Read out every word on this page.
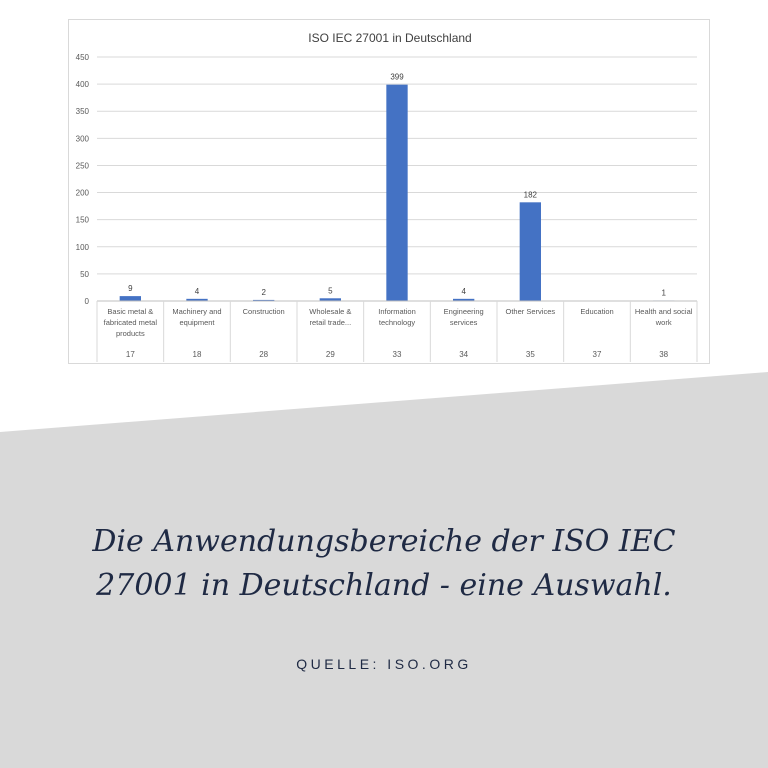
ISO IEC 27001 in Deutschland
0
50
100
150
200
250
300
350
400
450
9	4	2	5
399
4
182
1
Basic metal & fabricated metal products
17
Machinery and equipment
18
Construction
28
Wholesale & retail trade...
29
Information technology
33
Engineering services
34
Other Services
35
Education
37
Health and social work
38
Die Anwendungsbereiche der ISO IEC
27001 in Deutschland - eine Auswahl.
QUELLE: ISO.ORG
